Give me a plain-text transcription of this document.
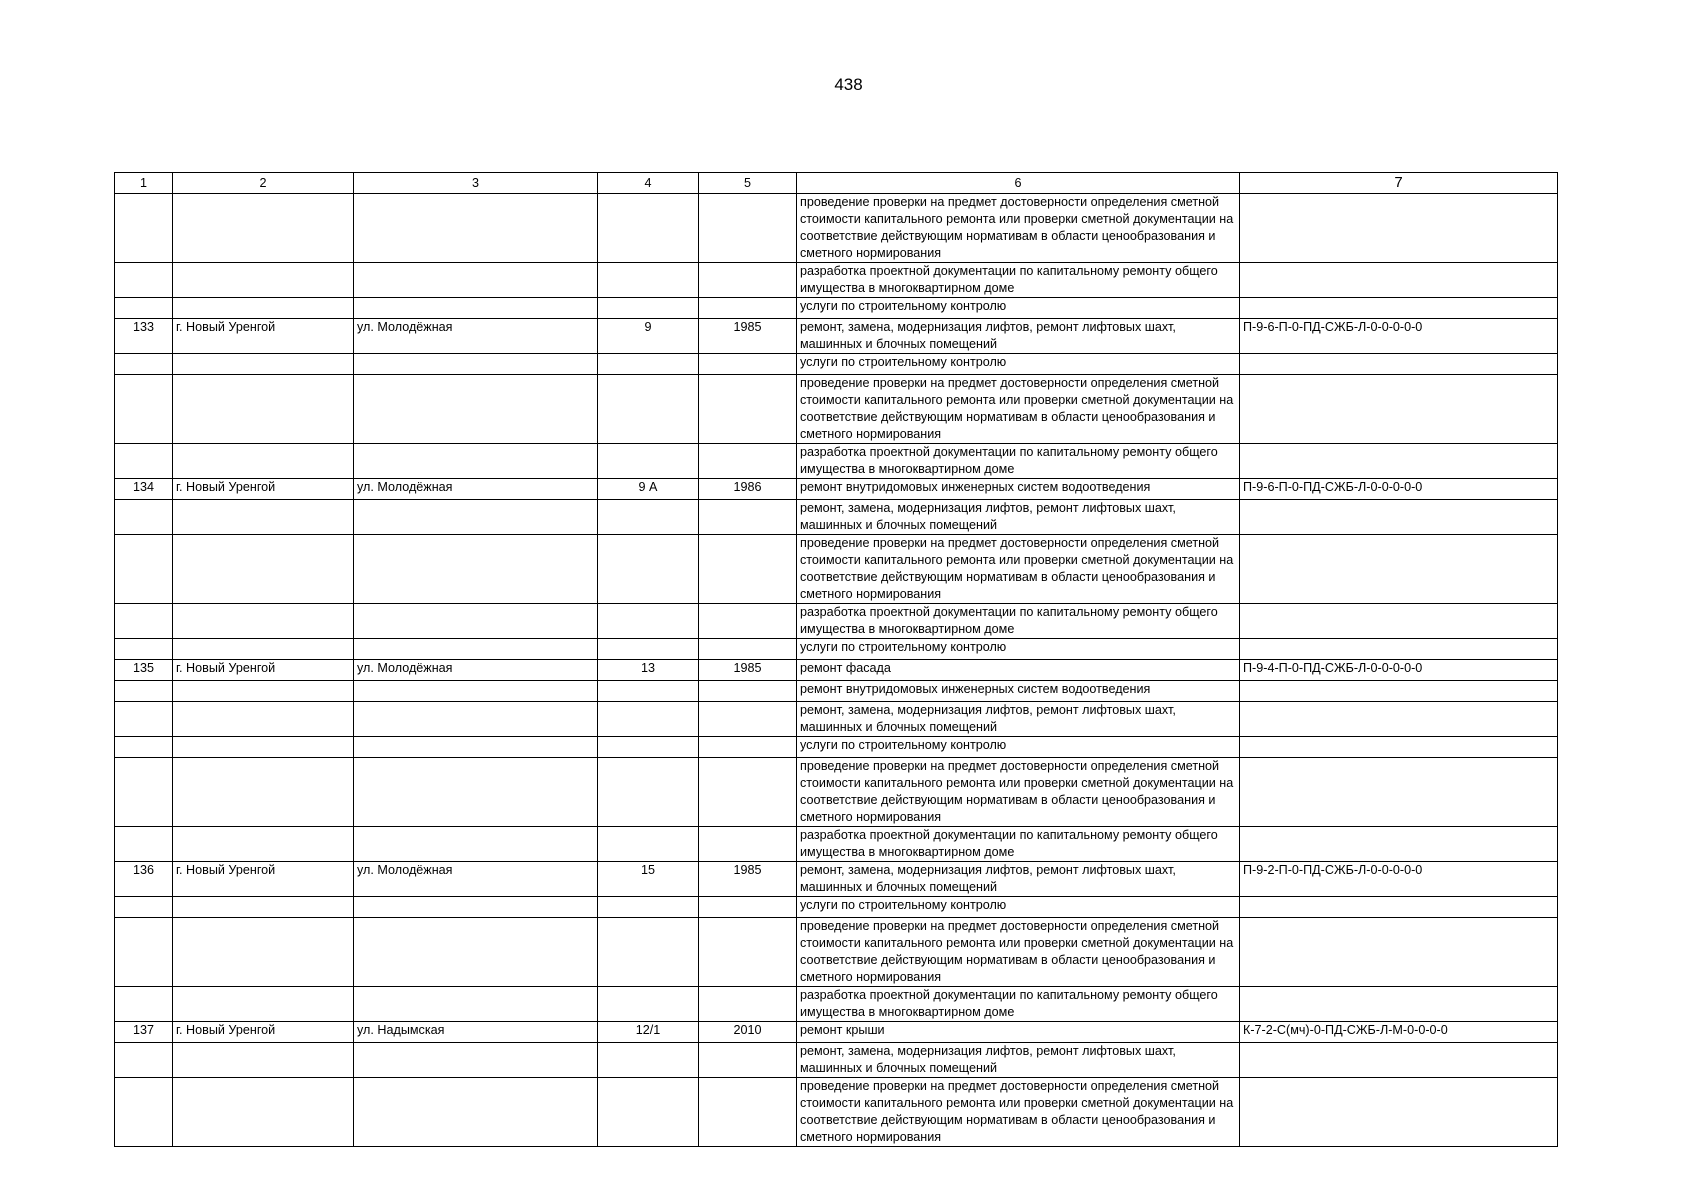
438
1	2	3	4	5	6	7
					проведение проверки на предмет достоверности определения сметной стоимости капитального ремонта или проверки сметной документации на соответствие действующим нормативам в области ценообразования и сметного нормирования	
					разработка проектной документации по капитальному ремонту общего имущества в многоквартирном доме	
					услуги по строительному контролю	
133	г. Новый Уренгой	ул. Молодёжная	9	1985	ремонт, замена, модернизация лифтов, ремонт лифтовых шахт, машинных и блочных помещений	П-9-6-П-0-ПД-СЖБ-Л-0-0-0-0-0
					услуги по строительному контролю	
					проведение проверки на предмет достоверности определения сметной стоимости капитального ремонта или проверки сметной документации на соответствие действующим нормативам в области ценообразования и сметного нормирования	
					разработка проектной документации по капитальному ремонту общего имущества в многоквартирном доме	
134	г. Новый Уренгой	ул. Молодёжная	9 А	1986	ремонт внутридомовых инженерных систем водоотведения	П-9-6-П-0-ПД-СЖБ-Л-0-0-0-0-0
					ремонт, замена, модернизация лифтов, ремонт лифтовых шахт, машинных и блочных помещений	
					проведение проверки на предмет достоверности определения сметной стоимости капитального ремонта или проверки сметной документации на соответствие действующим нормативам в области ценообразования и сметного нормирования	
					разработка проектной документации по капитальному ремонту общего имущества в многоквартирном доме	
					услуги по строительному контролю	
135	г. Новый Уренгой	ул. Молодёжная	13	1985	ремонт фасада	П-9-4-П-0-ПД-СЖБ-Л-0-0-0-0-0
					ремонт внутридомовых инженерных систем водоотведения	
					ремонт, замена, модернизация лифтов, ремонт лифтовых шахт, машинных и блочных помещений	
					услуги по строительному контролю	
					проведение проверки на предмет достоверности определения сметной стоимости капитального ремонта или проверки сметной документации на соответствие действующим нормативам в области ценообразования и сметного нормирования	
					разработка проектной документации по капитальному ремонту общего имущества в многоквартирном доме	
136	г. Новый Уренгой	ул. Молодёжная	15	1985	ремонт, замена, модернизация лифтов, ремонт лифтовых шахт, машинных и блочных помещений	П-9-2-П-0-ПД-СЖБ-Л-0-0-0-0-0
					услуги по строительному контролю	
					проведение проверки на предмет достоверности определения сметной стоимости капитального ремонта или проверки сметной документации на соответствие действующим нормативам в области ценообразования и сметного нормирования	
					разработка проектной документации по капитальному ремонту общего имущества в многоквартирном доме	
137	г. Новый Уренгой	ул. Надымская	12/1	2010	ремонт крыши	К-7-2-С(мч)-0-ПД-СЖБ-Л-М-0-0-0-0
					ремонт, замена, модернизация лифтов, ремонт лифтовых шахт, машинных и блочных помещений	
					проведение проверки на предмет достоверности определения сметной стоимости капитального ремонта или проверки сметной документации на соответствие действующим нормативам в области ценообразования и сметного нормирования	
